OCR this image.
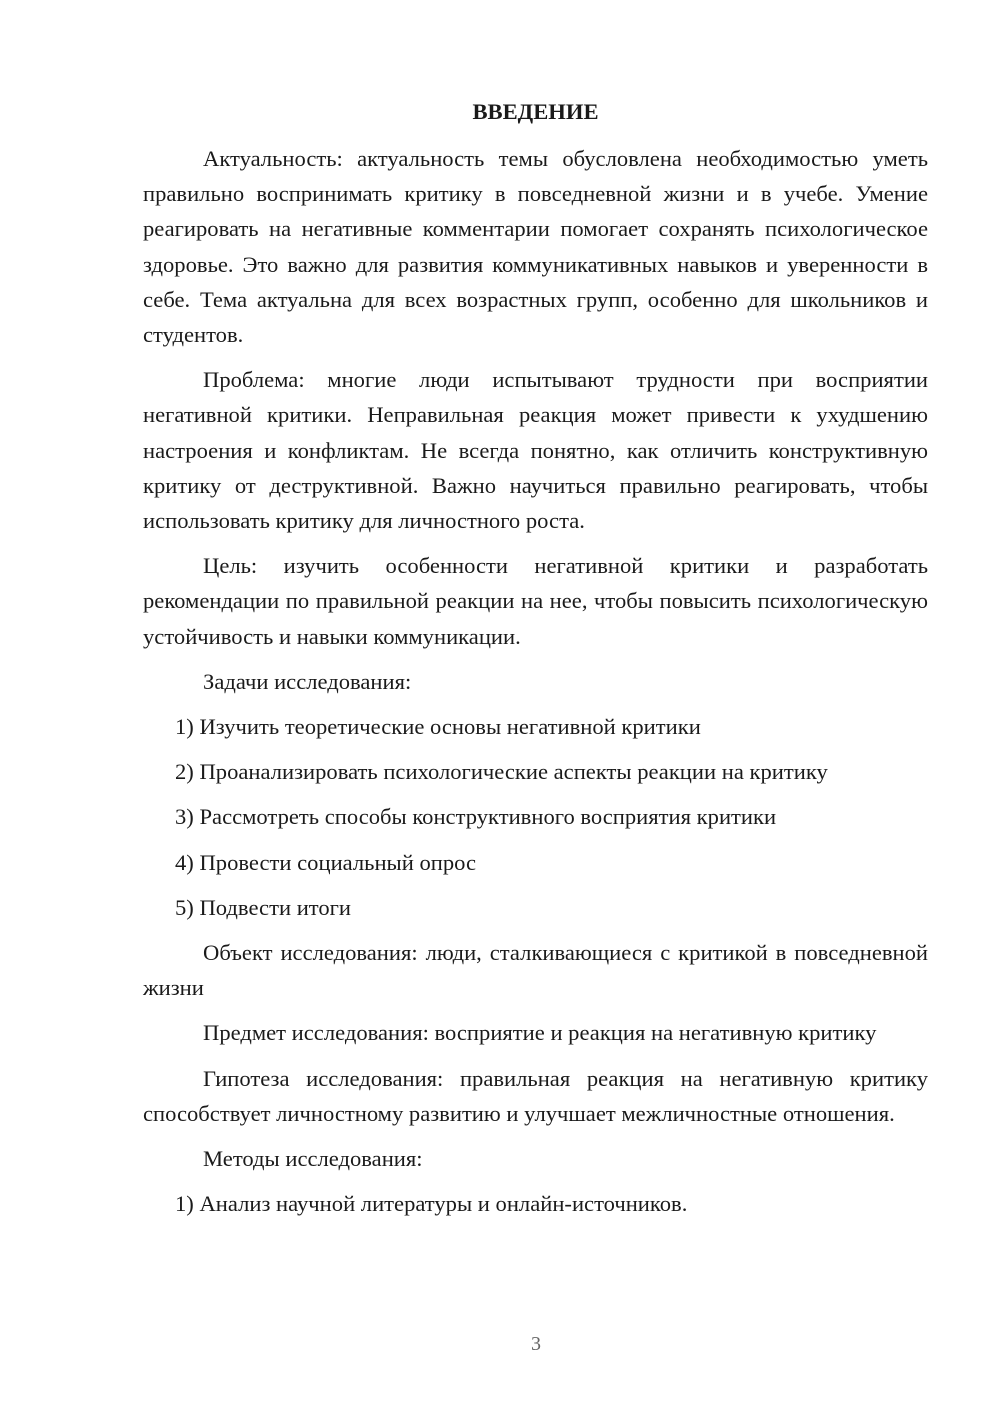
ВВЕДЕНИЕ

Актуальность: актуальность темы обусловлена необходимостью уметь правильно воспринимать критику в повседневной жизни и в учебе. Умение реагировать на негативные комментарии помогает сохранять психологическое здоровье. Это важно для развития коммуникативных навыков и уверенности в себе. Тема актуальна для всех возрастных групп, особенно для школьников и студентов.

Проблема: многие люди испытывают трудности при восприятии негативной критики. Неправильная реакция может привести к ухудшению настроения и конфликтам. Не всегда понятно, как отличить конструктивную критику от деструктивной. Важно научиться правильно реагировать, чтобы использовать критику для личностного роста.

Цель: изучить особенности негативной критики и разработать рекомендации по правильной реакции на нее, чтобы повысить психологическую устойчивость и навыки коммуникации.

Задачи исследования:

1) Изучить теоретические основы негативной критики

2) Проанализировать психологические аспекты реакции на критику

3) Рассмотреть способы конструктивного восприятия критики

4) Провести социальный опрос

5) Подвести итоги

Объект исследования: люди, сталкивающиеся с критикой в повседневной жизни

Предмет исследования: восприятие и реакция на негативную критику

Гипотеза исследования: правильная реакция на негативную критику способствует личностному развитию и улучшает межличностные отношения.

Методы исследования:

1) Анализ научной литературы и онлайн-источников.

3
